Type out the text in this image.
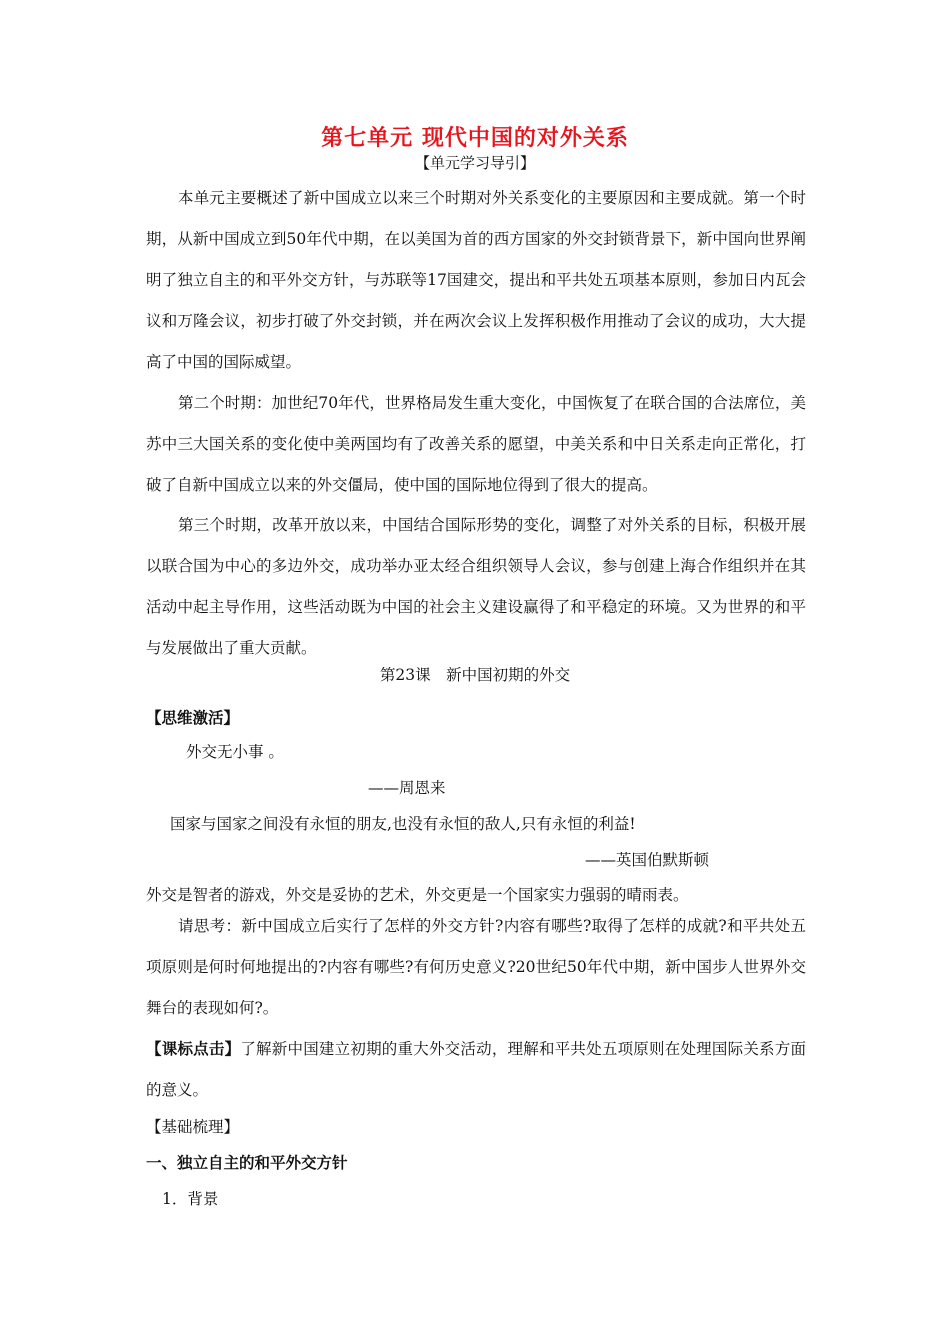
第七单元 现代中国的对外关系
【单元学习导引】
本单元主要概述了新中国成立以来三个时期对外关系变化的主要原因和主要成就。第一个时期，从新中国成立到50年代中期，在以美国为首的西方国家的外交封锁背景下，新中国向世界阐明了独立自主的和平外交方针，与苏联等17国建交，提出和平共处五项基本原则，参加日内瓦会议和万隆会议，初步打破了外交封锁，并在两次会议上发挥积极作用推动了会议的成功，大大提高了中国的国际威望。
第二个时期：加世纪70年代，世界格局发生重大变化，中国恢复了在联合国的合法席位，美苏中三大国关系的变化使中美两国均有了改善关系的愿望，中美关系和中日关系走向正常化，打破了自新中国成立以来的外交僵局，使中国的国际地位得到了很大的提高。
第三个时期，改革开放以来，中国结合国际形势的变化，调整了对外关系的目标，积极开展以联合国为中心的多边外交，成功举办亚太经合组织领导人会议，参与创建上海合作组织并在其活动中起主导作用，这些活动既为中国的社会主义建设赢得了和平稳定的环境。又为世界的和平与发展做出了重大贡献。
第23课　新中国初期的外交
【思维激活】
外交无小事 。
——周恩来
国家与国家之间没有永恒的朋友,也没有永恒的敌人,只有永恒的利益!
——英国伯默斯顿
外交是智者的游戏，外交是妥协的艺术，外交更是一个国家实力强弱的晴雨表。
请思考：新中国成立后实行了怎样的外交方针?内容有哪些?取得了怎样的成就?和平共处五项原则是何时何地提出的?内容有哪些?有何历史意义?20世纪50年代中期，新中国步人世界外交舞台的表现如何?。
【课标点击】了解新中国建立初期的重大外交活动，理解和平共处五项原则在处理国际关系方面的意义。
【基础梳理】
一、独立自主的和平外交方针
1．背景
